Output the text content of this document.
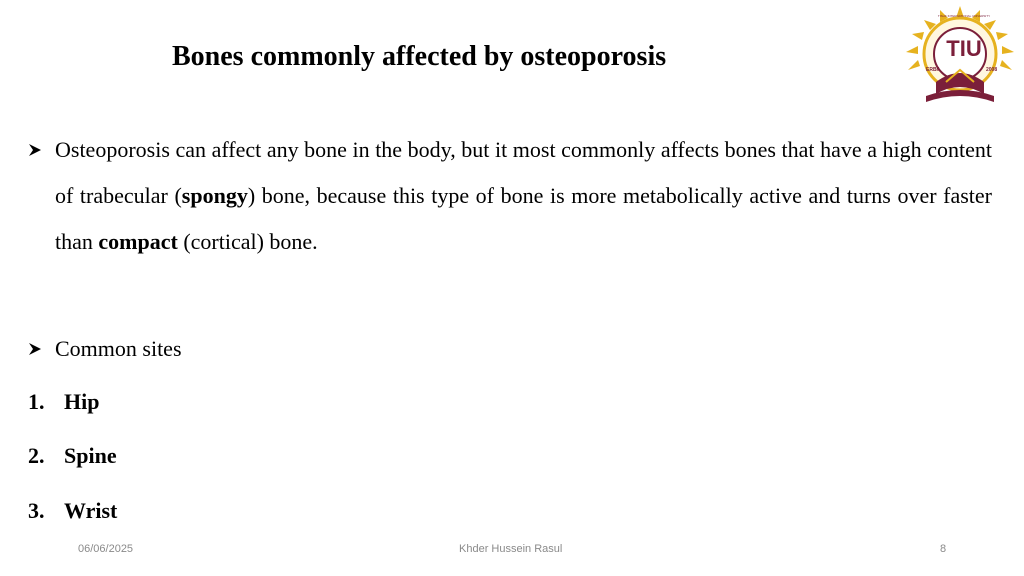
Bones commonly affected by osteoporosis	TIU
TISHK INTERNATIONAL UNIVERSITY
ERBIL	2008
Osteoporosis can affect any bone in the body, but it most commonly affects bones that have a high content of trabecular (spongy) bone, because this type of bone is more metabolically active and turns over faster than compact (cortical) bone.
Common sites
1. Hip
2. Spine
3. Wrist
06/06/2025	Khder Hussein Rasul	8
